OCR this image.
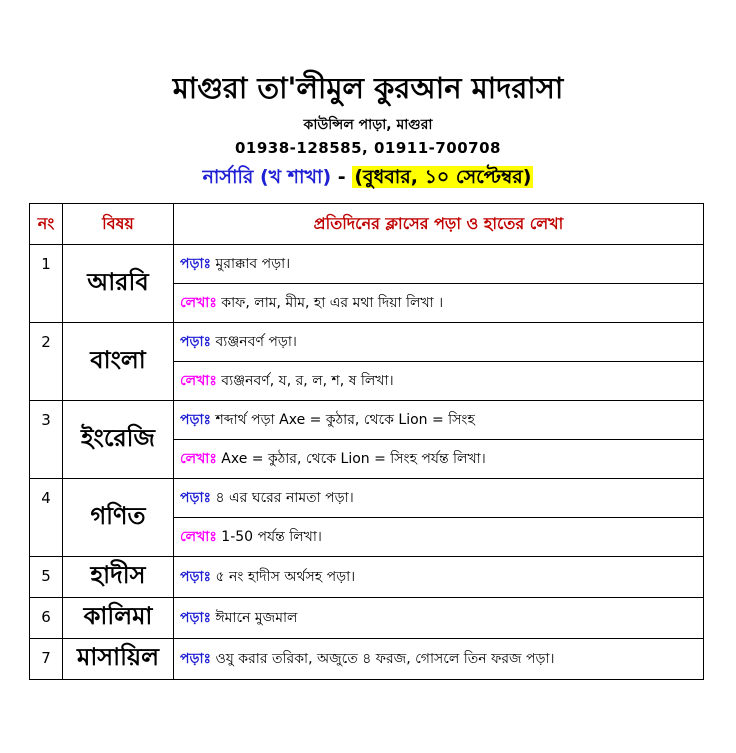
মাগুরা তা'লীমুল কুরআন মাদরাসা
কাউন্সিল পাড়া, মাগুরা
01938-128585, 01911-700708
নার্সারি (খ শাখা) - (বুধবার, ১০ সেপ্টেম্বর)
নং	বিষয়	প্রতিদিনের ক্লাসের পড়া ও হাতের লেখা
1	আরবি	পড়াঃ মুরাক্কাব পড়া।
		লেখাঃ কাফ, লাম, মীম, হা এর মথা দিয়া লিখা ।
2	বাংলা	পড়াঃ ব্যঞ্জনবর্ণ পড়া।
		লেখাঃ ব্যঞ্জনবর্ণ, য, র, ল, শ, ষ লিখা।
3	ইংরেজি	পড়াঃ শব্দার্থ পড়া Axe = কুঠার, থেকে Lion = সিংহ
		লেখাঃ Axe = কুঠার, থেকে Lion = সিংহ পর্যন্ত লিখা।
4	গণিত	পড়াঃ ৪ এর ঘরের নামতা পড়া।
		লেখাঃ 1-50 পর্যন্ত লিখা।
5	হাদীস	পড়াঃ ৫ নং হাদীস অর্থসহ পড়া।
6	কালিমা	পড়াঃ ঈমানে মুজমাল
7	মাসায়িল	পড়াঃ ওযু করার তরিকা, অজুতে ৪ ফরজ, গোসলে তিন ফরজ পড়া।
